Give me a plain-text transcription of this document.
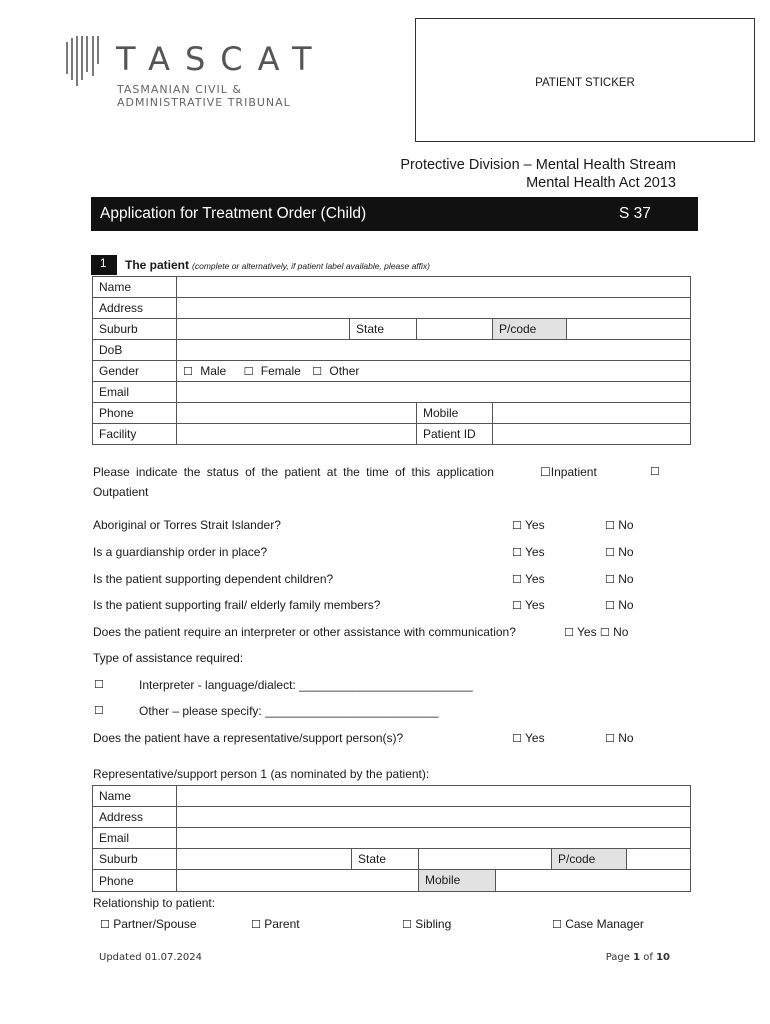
TASCAT
TASMANIAN CIVIL &
ADMINISTRATIVE TRIBUNAL
PATIENT STICKER
Protective Division – Mental Health Stream
Mental Health Act 2013
Application for Treatment Order (Child)	S 37
1	The patient (complete or alternatively, if patient label available, please affix)
Name					
Address					
Suburb		State		P/code	
DoB					
Gender	☐ Male ☐ Female ☐ Other				
Email					
Phone			Mobile		
Facility			Patient ID		
Please indicate the status of the patient at the time of this application	☐Inpatient	☐
Outpatient
Aboriginal or Torres Strait Islander?	☐ Yes	☐ No
Is a guardianship order in place?	☐ Yes	☐ No
Is the patient supporting dependent children?	☐ Yes	☐ No
Is the patient supporting frail/ elderly family members?	☐ Yes	☐ No
Does the patient require an interpreter or other assistance with communication?	☐ Yes ☐ No
Type of assistance required:
☐	Interpreter - language/dialect: __________________________
☐	Other – please specify: __________________________
Does the patient have a representative/support person(s)?	☐ Yes	☐ No
Representative/support person 1 (as nominated by the patient):
Name					
Address					
Email					
Suburb		State		P/code	
Phone			Mobile		
Relationship to patient:
☐ Partner/Spouse	☐ Parent	☐ Sibling	☐ Case Manager
Updated 01.07.2024	Page 1 of 10
